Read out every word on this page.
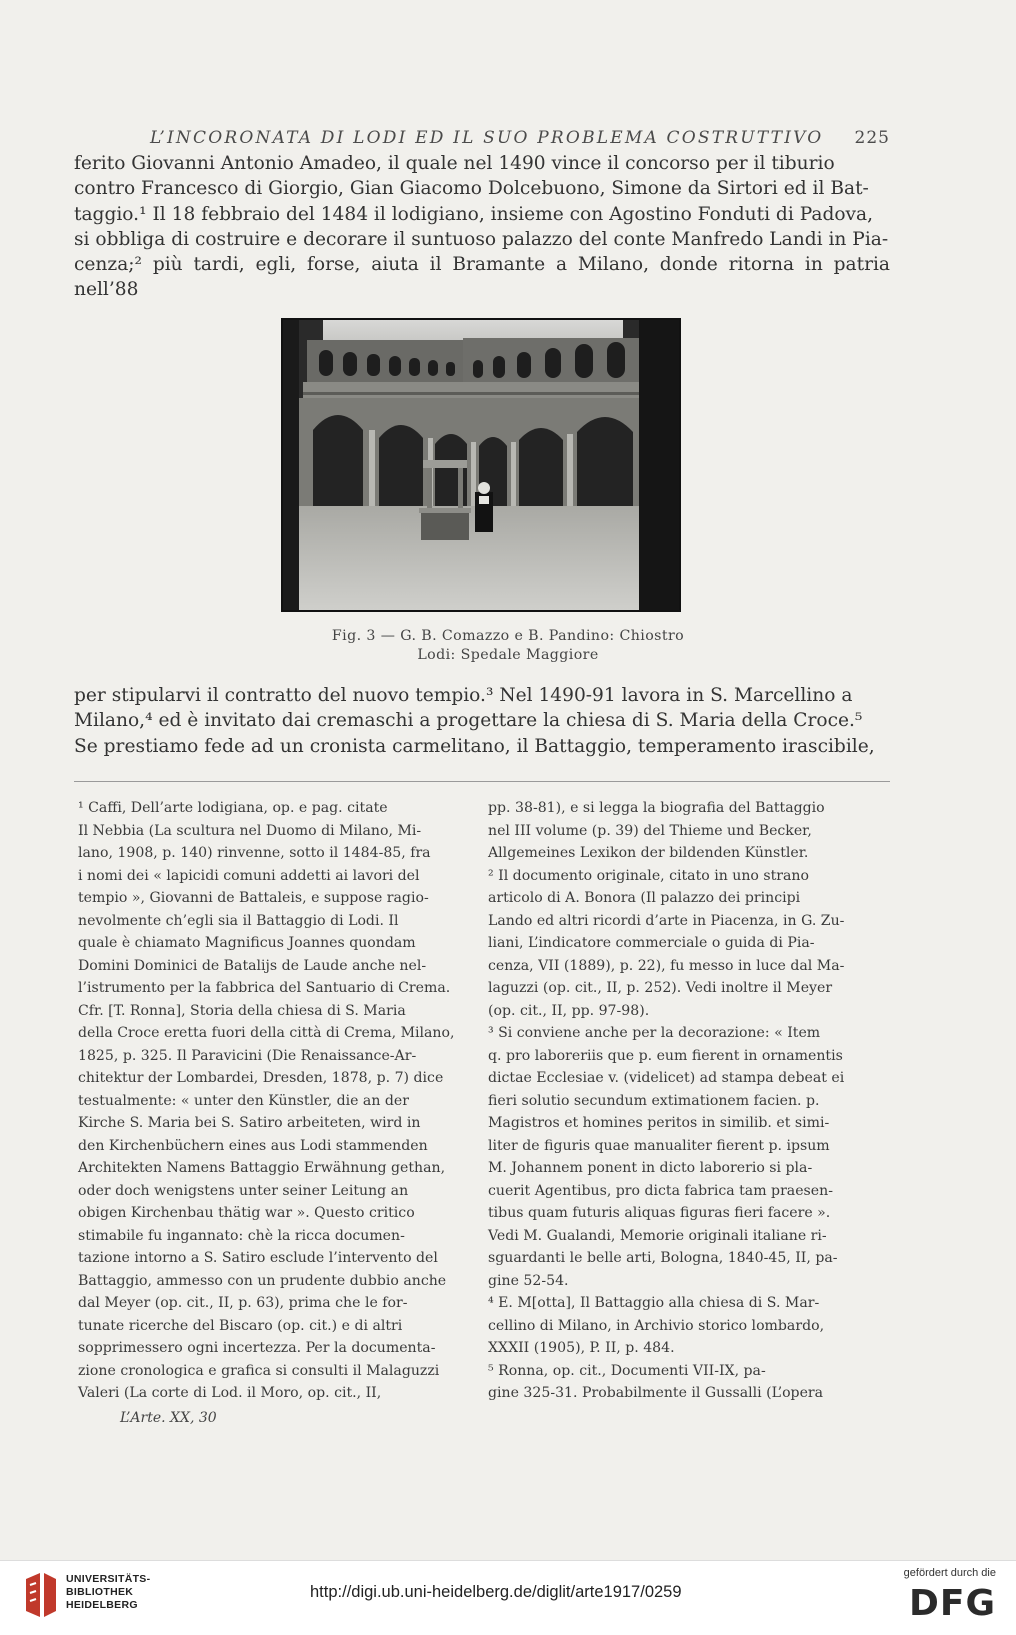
L’INCORONATA DI LODI ED IL SUO PROBLEMA COSTRUTTIVO 225

ferito Giovanni Antonio Amadeo, il quale nel 1490 vince il concorso per il tiburio

contro Francesco di Giorgio, Gian Giacomo Dolcebuono, Simone da Sirtori ed il Bat-

taggio.¹ Il 18 febbraio del 1484 il lodigiano, insieme con Agostino Fonduti di Padova,

si obbliga di costruire e decorare il suntuoso palazzo del conte Manfredo Landi in Pia-

cenza;² più tardi, egli, forse, aiuta il Bramante a Milano, donde ritorna in patria nell’88

Fig. 3 — G. B. Comazzo e B. Pandino: Chiostro
Lodi: Spedale Maggiore

per stipularvi il contratto del nuovo tempio.³ Nel 1490-91 lavora in S. Marcellino a

Milano,⁴ ed è invitato dai cremaschi a progettare la chiesa di S. Maria della Croce.⁵

Se prestiamo fede ad un cronista carmelitano, il Battaggio, temperamento irascibile,

¹ Caffi, Dell’arte lodigiana, op. e pag. citate

Il Nebbia (La scultura nel Duomo di Milano, Mi-

lano, 1908, p. 140) rinvenne, sotto il 1484-85, fra

i nomi dei « lapicidi comuni addetti ai lavori del

tempio », Giovanni de Battaleis, e suppose ragio-

nevolmente ch’egli sia il Battaggio di Lodi. Il

quale è chiamato Magnificus Joannes quondam

Domini Dominici de Batalijs de Laude anche nel-

l’istrumento per la fabbrica del Santuario di Crema.

Cfr. [T. Ronna], Storia della chiesa di S. Maria

della Croce eretta fuori della città di Crema, Milano,

1825, p. 325. Il Paravicini (Die Renaissance-Ar-

chitektur der Lombardei, Dresden, 1878, p. 7) dice

testualmente: « unter den Künstler, die an der

Kirche S. Maria bei S. Satiro arbeiteten, wird in

den Kirchenbüchern eines aus Lodi stammenden

Architekten Namens Battaggio Erwähnung gethan,

oder doch wenigstens unter seiner Leitung an

obigen Kirchenbau thätig war ». Questo critico

stimabile fu ingannato: chè la ricca documen-

tazione intorno a S. Satiro esclude l’intervento del

Battaggio, ammesso con un prudente dubbio anche

dal Meyer (op. cit., II, p. 63), prima che le for-

tunate ricerche del Biscaro (op. cit.) e di altri

sopprimessero ogni incertezza. Per la documenta-

zione cronologica e grafica si consulti il Malaguzzi

Valeri (La corte di Lod. il Moro, op. cit., II,

pp. 38-81), e si legga la biografia del Battaggio

nel III volume (p. 39) del Thieme und Becker,

Allgemeines Lexikon der bildenden Künstler.

² Il documento originale, citato in uno strano

articolo di A. Bonora (Il palazzo dei principi

Lando ed altri ricordi d’arte in Piacenza, in G. Zu-

liani, L’indicatore commerciale o guida di Pia-

cenza, VII (1889), p. 22), fu messo in luce dal Ma-

laguzzi (op. cit., II, p. 252). Vedi inoltre il Meyer

(op. cit., II, pp. 97-98).

³ Si conviene anche per la decorazione: « Item

q. pro laboreriis que p. eum fierent in ornamentis

dictae Ecclesiae v. (videlicet) ad stampa debeat ei

fieri solutio secundum extimationem facien. p.

Magistros et homines peritos in similib. et simi-

liter de figuris quae manualiter fierent p. ipsum

M. Johannem ponent in dicto laborerio si pla-

cuerit Agentibus, pro dicta fabrica tam praesen-

tibus quam futuris aliquas figuras fieri facere ».

Vedi M. Gualandi, Memorie originali italiane ri-

sguardanti le belle arti, Bologna, 1840-45, II, pa-

gine 52-54.

⁴ E. M[otta], Il Battaggio alla chiesa di S. Mar-

cellino di Milano, in Archivio storico lombardo,

XXXII (1905), P. II, p. 484.

⁵ Ronna, op. cit., Documenti VII-IX, pa-

gine 325-31. Probabilmente il Gussalli (L’opera

L’Arte. XX, 30
UNIVERSITÄTS-
BIBLIOTHEK
HEIDELBERG
http://digi.ub.uni-heidelberg.de/diglit/arte1917/0259
gefördert durch die
DFG
